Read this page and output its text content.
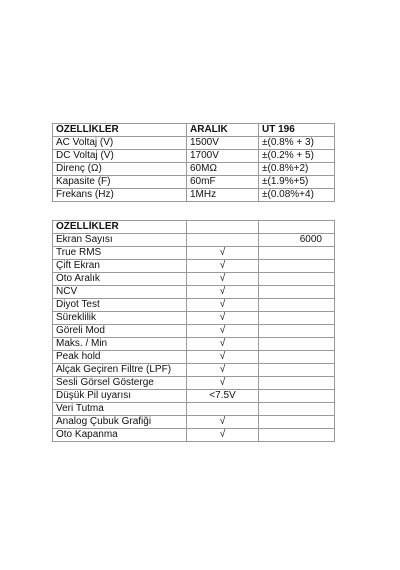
ÖZELLİKLER	ARALIK	UT 196
AC Voltaj (V)	1500V	±(0.8% + 3)
DC Voltaj (V)	1700V	±(0.2% + 5)
Direnç (Ω)	60MΩ	±(0.8%+2)
Kapasite (F)	60mF	±(1.9%+5)
Frekans (Hz)	1MHz	±(0.08%+4)
ÖZELLİKLER		
Ekran Sayısı		6000
True RMS	√	
Çift Ekran	√	
Oto Aralık	√	
NCV	√	
Diyot Test	√	
Süreklilik	√	
Göreli Mod	√	
Maks. / Min	√	
Peak hold	√	
Alçak Geçiren Filtre (LPF)	√	
Sesli Görsel Gösterge	√	
Düşük Pil uyarısı	<7.5V	
Veri Tutma		
Analog Çubuk Grafiği	√	
Oto Kapanma	√	
